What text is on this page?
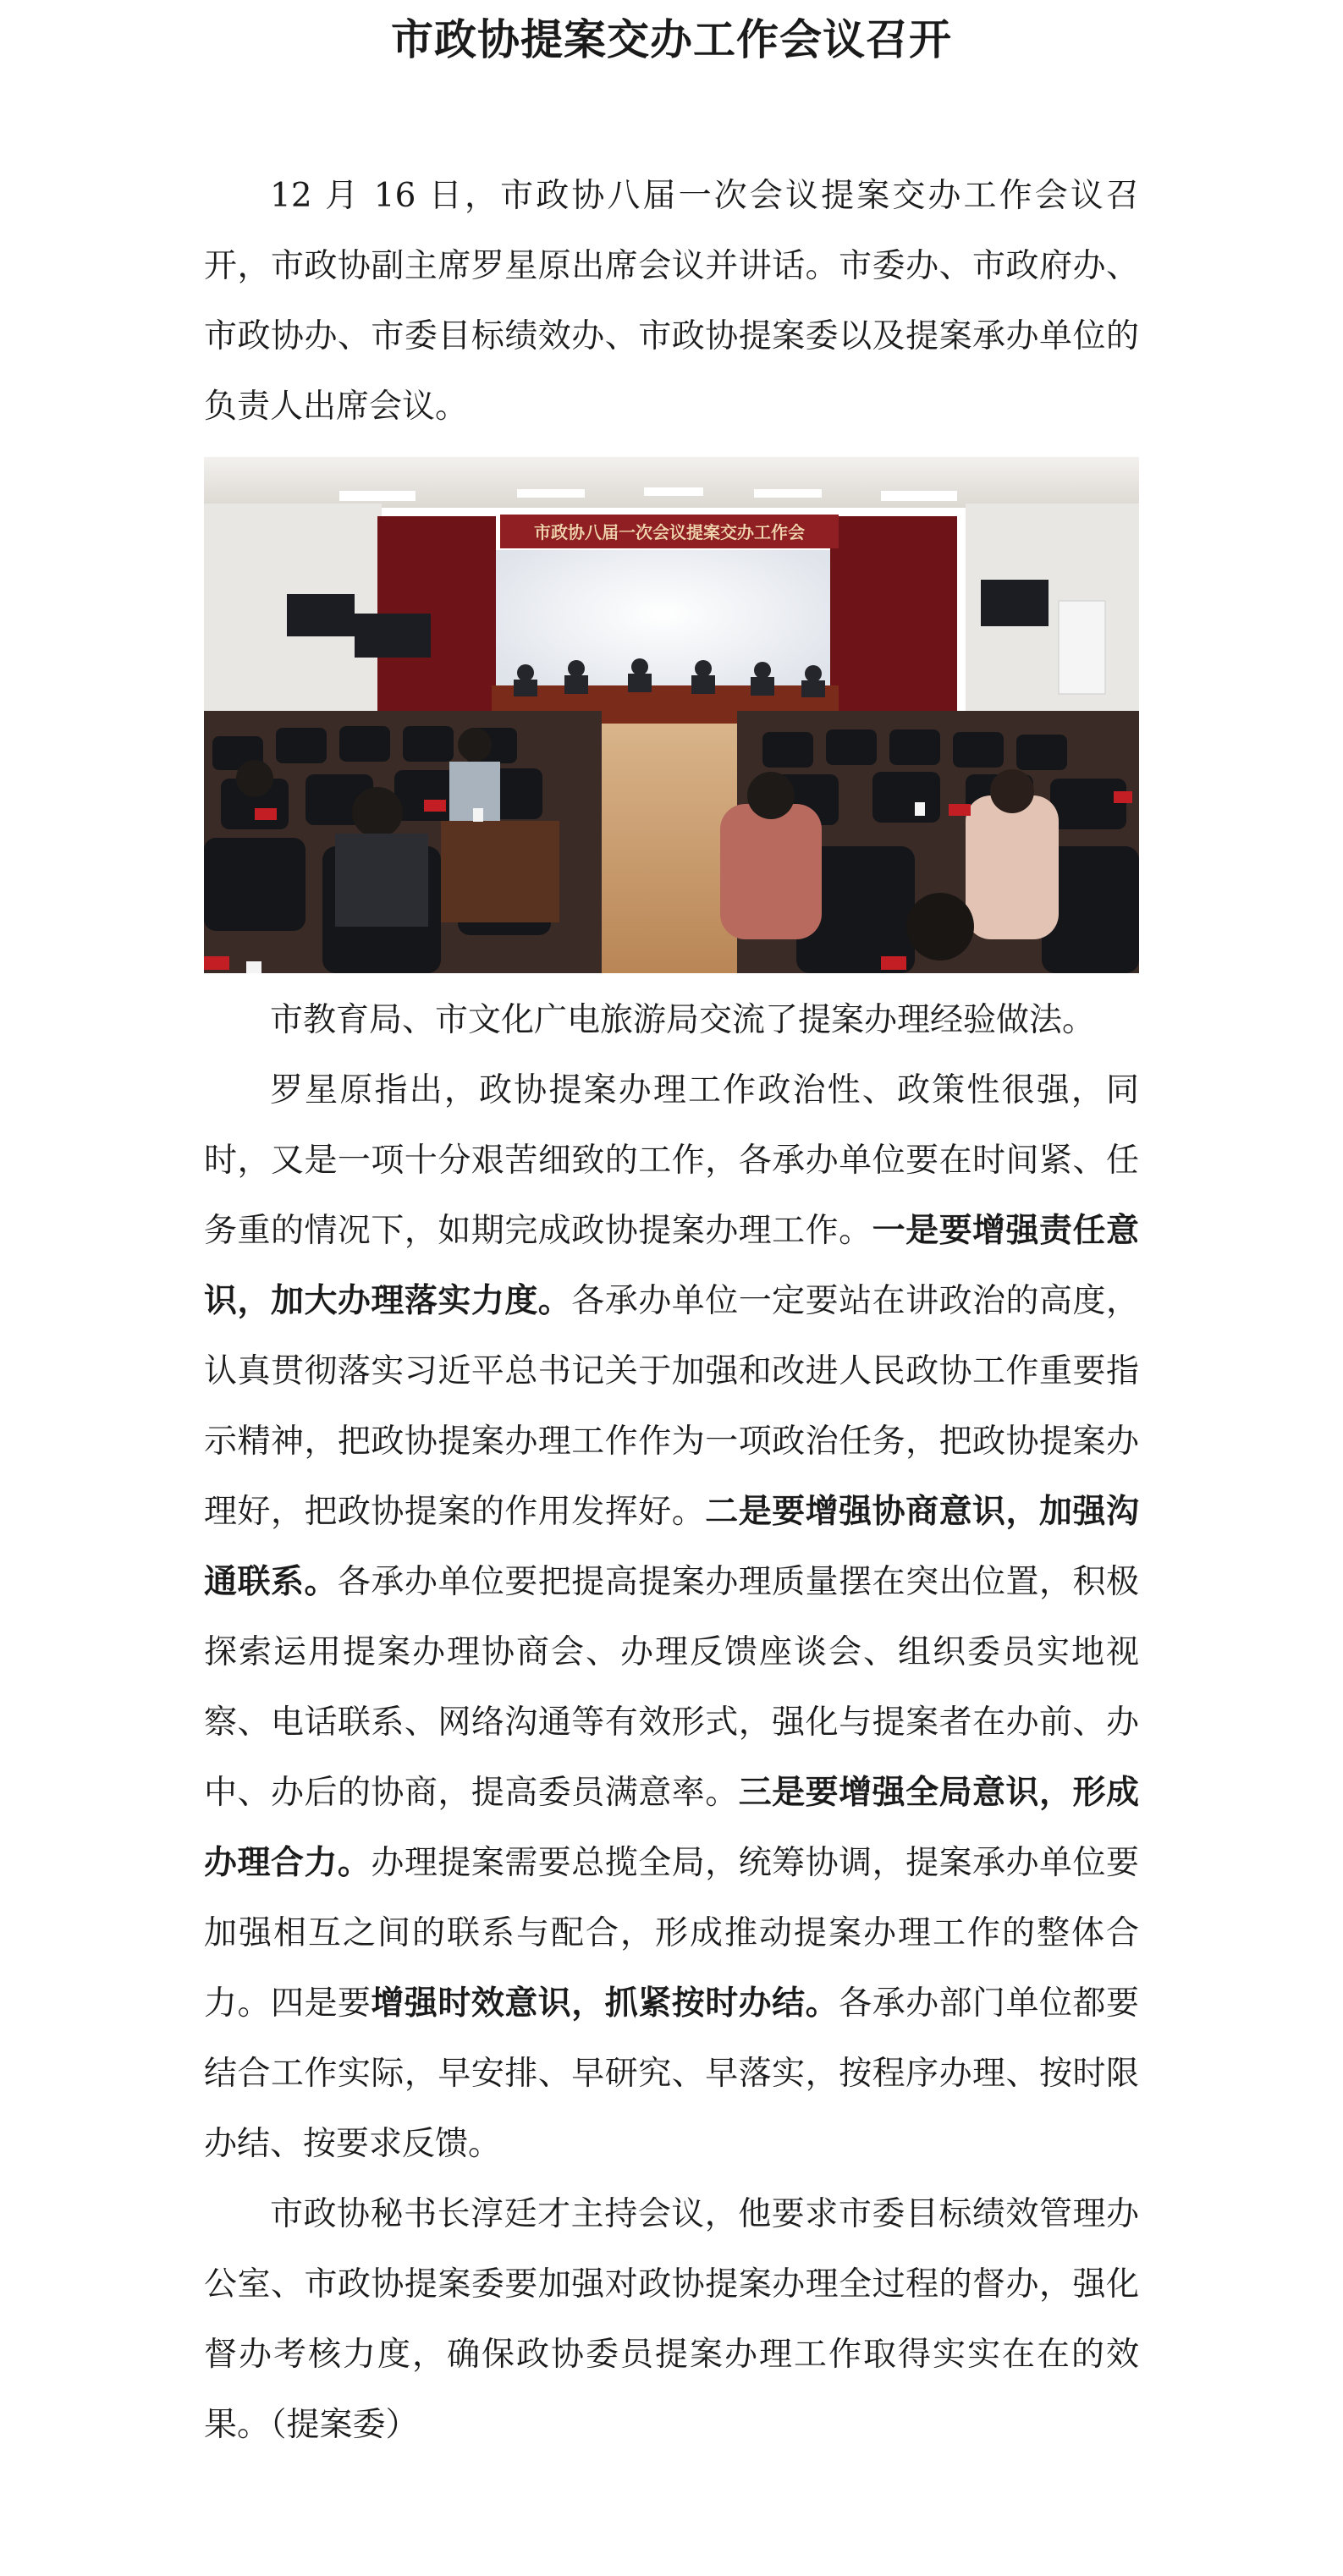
市政协提案交办工作会议召开

12 月 16 日，市政协八届一次会议提案交办工作会议召开，市政协副主席罗星原出席会议并讲话。市委办、市政府办、市政协办、市委目标绩效办、市政协提案委以及提案承办单位的负责人出席会议。

市政协八届一次会议提案交办工作会

市教育局、市文化广电旅游局交流了提案办理经验做法。

罗星原指出，政协提案办理工作政治性、政策性很强，同时，又是一项十分艰苦细致的工作，各承办单位要在时间紧、任务重的情况下，如期完成政协提案办理工作。一是要增强责任意识，加大办理落实力度。各承办单位一定要站在讲政治的高度，认真贯彻落实习近平总书记关于加强和改进人民政协工作重要指示精神，把政协提案办理工作作为一项政治任务，把政协提案办理好，把政协提案的作用发挥好。二是要增强协商意识，加强沟通联系。各承办单位要把提高提案办理质量摆在突出位置，积极探索运用提案办理协商会、办理反馈座谈会、组织委员实地视察、电话联系、网络沟通等有效形式，强化与提案者在办前、办中、办后的协商，提高委员满意率。三是要增强全局意识，形成办理合力。办理提案需要总揽全局，统筹协调，提案承办单位要加强相互之间的联系与配合，形成推动提案办理工作的整体合力。四是要增强时效意识，抓紧按时办结。各承办部门单位都要结合工作实际，早安排、早研究、早落实，按程序办理、按时限办结、按要求反馈。

市政协秘书长淳廷才主持会议，他要求市委目标绩效管理办公室、市政协提案委要加强对政协提案办理全过程的督办，强化督办考核力度，确保政协委员提案办理工作取得实实在在的效果。（提案委）
